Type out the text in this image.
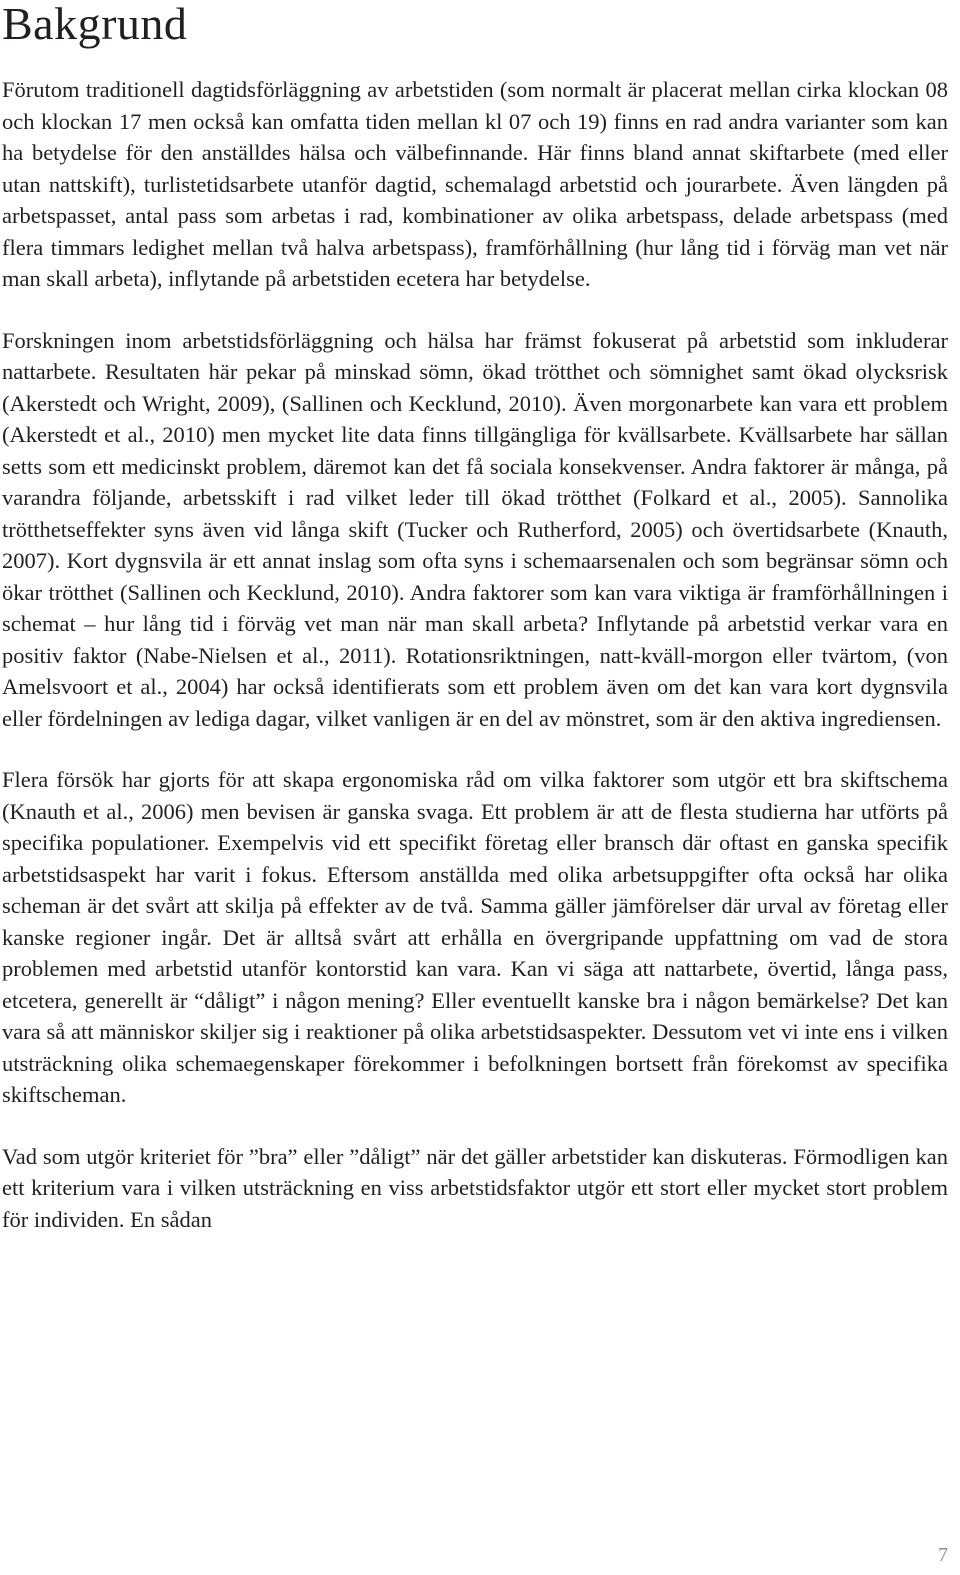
Bakgrund

Förutom traditionell dagtidsförläggning av arbetstiden (som normalt är placerat mellan cirka klockan 08 och klockan 17 men också kan omfatta tiden mellan kl 07 och 19) finns en rad andra varianter som kan ha betydelse för den anställdes hälsa och välbefinnande. Här finns bland annat skiftarbete (med eller utan nattskift), turlistetidsarbete utanför dagtid, schemalagd arbetstid och jourarbete. Även längden på arbetspasset, antal pass som arbetas i rad, kombinationer av olika arbetspass, delade arbetspass (med flera timmars ledighet mellan två halva arbetspass), framförhållning (hur lång tid i förväg man vet när man skall arbeta), inflytande på arbetstiden ecetera har betydelse.

Forskningen inom arbetstidsförläggning och hälsa har främst fokuserat på arbetstid som inkluderar nattarbete. Resultaten här pekar på minskad sömn, ökad trötthet och sömnighet samt ökad olycksrisk (Akerstedt och Wright, 2009), (Sallinen och Kecklund, 2010). Även morgonarbete kan vara ett problem (Akerstedt et al., 2010) men mycket lite data finns tillgängliga för kvällsarbete. Kvällsarbete har sällan setts som ett medicinskt problem, däremot kan det få sociala konsekvenser. Andra faktorer är många, på varandra följande, arbetsskift i rad vilket leder till ökad trötthet (Folkard et al., 2005). Sannolika trötthetseffekter syns även vid långa skift (Tucker och Rutherford, 2005) och övertidsarbete (Knauth, 2007). Kort dygnsvila är ett annat inslag som ofta syns i schemaarsenalen och som begränsar sömn och ökar trötthet (Sallinen och Kecklund, 2010). Andra faktorer som kan vara viktiga är framförhållningen i schemat – hur lång tid i förväg vet man när man skall arbeta? Inflytande på arbetstid verkar vara en positiv faktor (Nabe-Nielsen et al., 2011). Rotationsriktningen, natt-kväll-morgon eller tvärtom, (von Amelsvoort et al., 2004) har också identifierats som ett problem även om det kan vara kort dygnsvila eller fördelningen av lediga dagar, vilket vanligen är en del av mönstret, som är den aktiva ingrediensen.

Flera försök har gjorts för att skapa ergonomiska råd om vilka faktorer som utgör ett bra skiftschema (Knauth et al., 2006) men bevisen är ganska svaga. Ett problem är att de flesta studierna har utförts på specifika populationer. Exempelvis vid ett specifikt företag eller bransch där oftast en ganska specifik arbetstidsaspekt har varit i fokus. Eftersom anställda med olika arbetsuppgifter ofta också har olika scheman är det svårt att skilja på effekter av de två. Samma gäller jämförelser där urval av företag eller kanske regioner ingår. Det är alltså svårt att erhålla en övergripande uppfattning om vad de stora problemen med arbetstid utanför kontorstid kan vara. Kan vi säga att nattarbete, övertid, långa pass, etcetera, generellt är “dåligt” i någon mening? Eller eventuellt kanske bra i någon bemärkelse? Det kan vara så att människor skiljer sig i reaktioner på olika arbetstidsaspekter. Dessutom vet vi inte ens i vilken utsträckning olika schemaegenskaper förekommer i befolkningen bortsett från förekomst av specifika skiftscheman.

Vad som utgör kriteriet för ”bra” eller ”dåligt” när det gäller arbetstider kan diskuteras. Förmodligen kan ett kriterium vara i vilken utsträckning en viss arbetstidsfaktor utgör ett stort eller mycket stort problem för individen. En sådan

7
